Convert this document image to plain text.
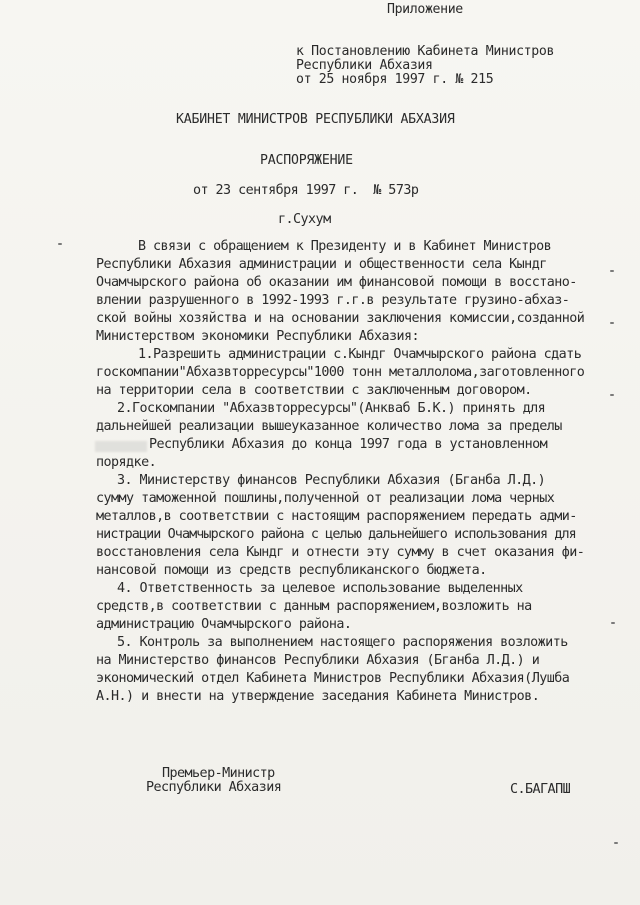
Приложение
к Постановлению Кабинета Министров
Республики Абхазия
от 25 ноября 1997 г. № 215
КАБИНЕТ МИНИСТРОВ РЕСПУБЛИКИ АБХАЗИЯ
РАСПОРЯЖЕНИЕ
от 23 сентября 1997 г.  № 573р
г.Сухум
В связи с обращением к Президенту и в Кабинет Министров
Республики Абхазия администрации и общественности села Кындг
Очамчырского района об оказании им финансовой помощи в восстано-
влении разрушенного в 1992-1993 г.г.в результате грузино-абхаз-
ской войны хозяйства и на основании заключения комиссии,созданной
Министерством экономики Республики Абхазия:
1.Разрешить администрации с.Кындг Очамчырского района сдать
госкомпании"Абхазвторресурсы"1000 тонн металлолома,заготовленного
на территории села в соответствии с заключенным договором.
2.Госкомпании "Абхазвторресурсы"(Анкваб Б.К.) принять для
дальнейшей реализации вышеуказанное количество лома за пределы
Республики Абхазия до конца 1997 года в установленном
порядке.
3. Министерству финансов Республики Абхазия (Бганба Л.Д.)
сумму таможенной пошлины,полученной от реализации лома черных
металлов,в соответствии с настоящим распоряжением передать адми-
нистрации Очамчырского района с целью дальнейшего использования для
восстановления села Кындг и отнести эту сумму в счет оказания фи-
нансовой помощи из средств республиканского бюджета.
4. Ответственность за целевое использование выделенных
средств,в соответствии с данным распоряжением,возложить на
администрацию Очамчырского района.
5. Контроль за выполнением настоящего распоряжения возложить
на Министерство финансов Республики Абхазия (Бганба Л.Д.) и
экономический отдел Кабинета Министров Республики Абхазия(Лушба
А.Н.) и внести на утверждение заседания Кабинета Министров.
Премьер-Министр
Республики Абхазия	С.БАГАПШ
